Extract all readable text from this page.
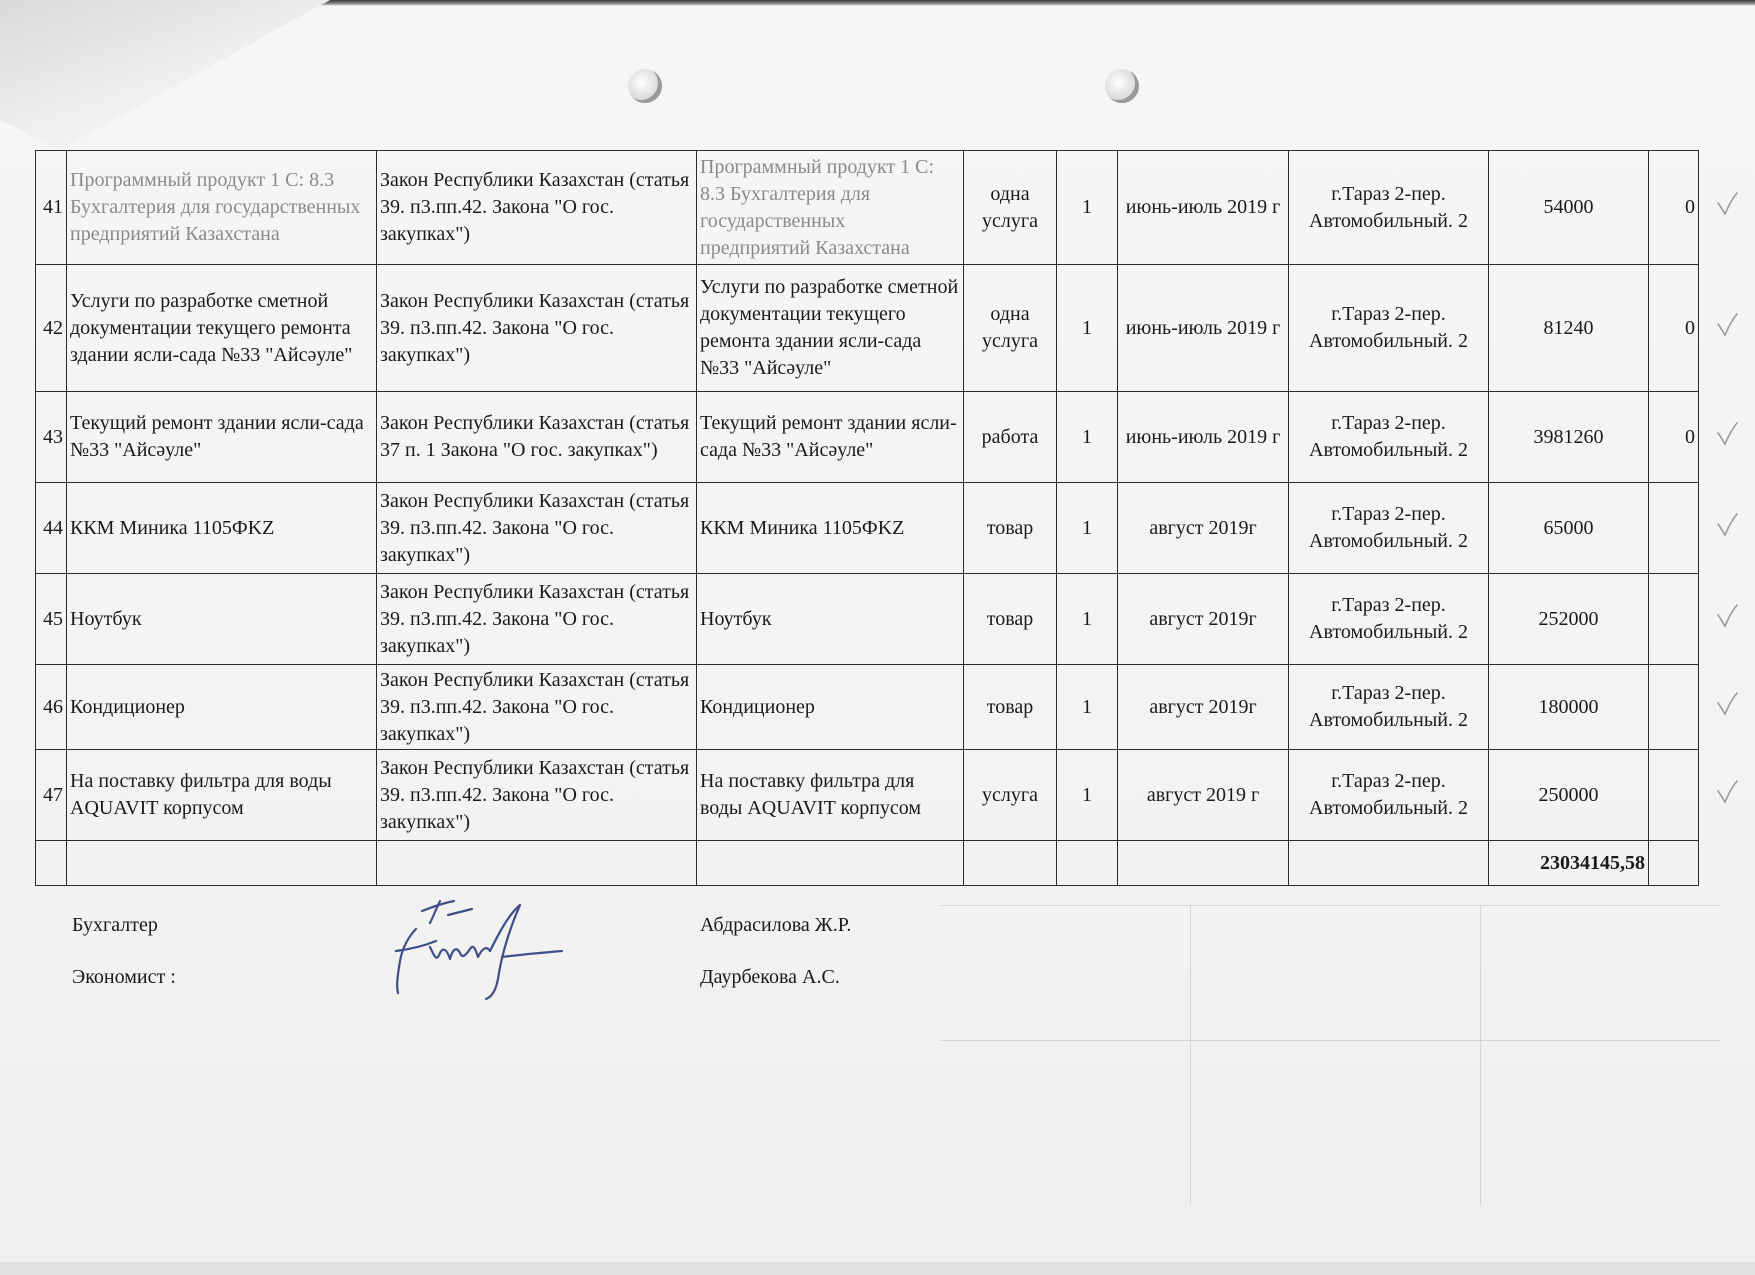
41	Программный продукт 1 С: 8.3 Бухгалтерия для государственных предприятий Казахстана	Закон Республики Казахстан (статья 39. п3.пп.42. Закона "О гос. закупках")	Программный продукт 1 С: 8.3 Бухгалтерия для государственных предприятий Казахстана	одна услуга	1	июнь-июль 2019 г	г.Тараз 2-пер. Автомобильный. 2	54000	0
42	Услуги по разработке сметной документации текущего ремонта здании ясли-сада №33 "Айсәуле"	Закон Республики Казахстан (статья 39. п3.пп.42. Закона "О гос. закупках")	Услуги по разработке сметной документации текущего ремонта здании ясли-сада №33 "Айсәуле"	одна услуга	1	июнь-июль 2019 г	г.Тараз 2-пер. Автомобильный. 2	81240	0
43	Текущий ремонт здании ясли-сада №33 "Айсәуле"	Закон Республики Казахстан (статья 37 п. 1 Закона "О гос. закупках")	Текущий ремонт здании ясли-сада №33 "Айсәуле"	работа	1	июнь-июль 2019 г	г.Тараз 2-пер. Автомобильный. 2	3981260	0
44	ККМ Миника 1105ФKZ	Закон Республики Казахстан (статья 39. п3.пп.42. Закона "О гос. закупках")	ККМ Миника 1105ФKZ	товар	1	август 2019г	г.Тараз 2-пер. Автомобильный. 2	65000	
45	Ноутбук	Закон Республики Казахстан (статья 39. п3.пп.42. Закона "О гос. закупках")	Ноутбук	товар	1	август 2019г	г.Тараз 2-пер. Автомобильный. 2	252000	
46	Кондиционер	Закон Республики Казахстан (статья 39. п3.пп.42. Закона "О гос. закупках")	Кондиционер	товар	1	август 2019г	г.Тараз 2-пер. Автомобильный. 2	180000	
47	На поставку фильтра для воды AQUAVIT корпусом	Закон Республики Казахстан (статья 39. п3.пп.42. Закона "О гос. закупках")	На поставку фильтра для воды AQUAVIT корпусом	услуга	1	август 2019 г	г.Тараз 2-пер. Автомобильный. 2	250000	
								23034145,58	
Бухгалтер	Абдрасилова Ж.Р.
Экономист :	Даурбекова А.С.
